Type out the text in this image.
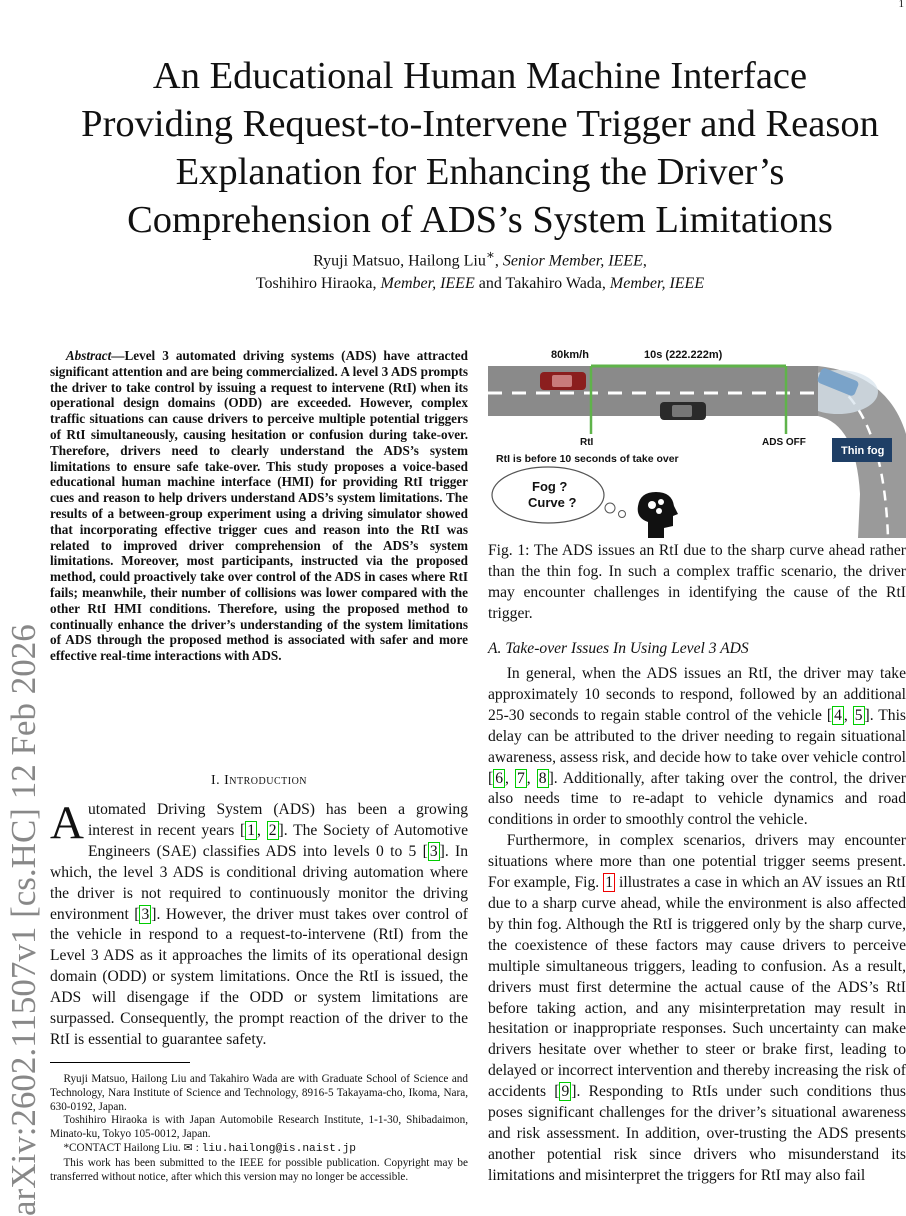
1
arXiv:2602.11507v1 [cs.HC] 12 Feb 2026
An Educational Human Machine Interface
Providing Request-to-Intervene Trigger and Reason
Explanation for Enhancing the Driver’s
Comprehension of ADS’s System Limitations
Ryuji Matsuo, Hailong Liu∗, Senior Member, IEEE,
Toshihiro Hiraoka, Member, IEEE and Takahiro Wada, Member, IEEE
Abstract—Level 3 automated driving systems (ADS) have attracted significant attention and are being commercialized. A level 3 ADS prompts the driver to take control by issuing a request to intervene (RtI) when its operational design domains (ODD) are exceeded. However, complex traffic situations can cause drivers to perceive multiple potential triggers of RtI simultaneously, causing hesitation or confusion during take-over. Therefore, drivers need to clearly understand the ADS’s system limitations to ensure safe take-over. This study proposes a voice-based educational human machine interface (HMI) for providing RtI trigger cues and reason to help drivers understand ADS’s system limitations. The results of a between-group experiment using a driving simulator showed that incorporating effective trigger cues and reason into the RtI was related to improved driver comprehension of the ADS’s system limitations. Moreover, most participants, instructed via the proposed method, could proactively take over control of the ADS in cases where RtI fails; meanwhile, their number of collisions was lower compared with the other RtI HMI conditions. Therefore, using the proposed method to continually enhance the driver’s understanding of the system limitations of ADS through the proposed method is associated with safer and more effective real-time interactions with ADS.
I. Introduction
Automated Driving System (ADS) has been a growing interest in recent years [ 1 , 2 ]. The Society of Automotive Engineers (SAE) classifies ADS into levels 0 to 5 [ 3 ]. In which, the level 3 ADS is conditional driving automation where the driver is not required to continuously monitor the driving environment [ 3 ]. However, the driver must takes over control of the vehicle in respond to a request-to-intervene (RtI) from the Level 3 ADS as it approaches the limits of its operational design domain (ODD) or system limitations. Once the RtI is issued, the ADS will disengage if the ODD or system limitations are surpassed. Consequently, the prompt reaction of the driver to the RtI is essential to guarantee safety.

Ryuji Matsuo, Hailong Liu and Takahiro Wada are with Graduate School of Science and Technology, Nara Institute of Science and Technology, 8916-5 Takayama-cho, Ikoma, Nara, 630-0192, Japan.

Toshihiro Hiraoka is with Japan Automobile Research Institute, 1-1-30, Shibadaimon, Minato-ku, Tokyo 105-0012, Japan.

*CONTACT Hailong Liu. ✉ : liu.hailong@is.naist.jp

This work has been submitted to the IEEE for possible publication. Copyright may be transferred without notice, after which this version may no longer be accessible.

80km/h	10s (222.222m)
RtI	ADS OFF
RtI is before 10 seconds of take over
Thin fog
Fog ?
Curve ?
Fig. 1: The ADS issues an RtI due to the sharp curve ahead rather than the thin fog. In such a complex traffic scenario, the driver may encounter challenges in identifying the cause of the RtI trigger.
A. Take-over Issues In Using Level 3 ADS

In general, when the ADS issues an RtI, the driver may take approximately 10 seconds to respond, followed by an additional 25-30 seconds to regain stable control of the vehicle [ 4 , 5 ]. This delay can be attributed to the driver needing to regain situational awareness, assess risk, and decide how to take over vehicle control [ 6 , 7 , 8 ]. Additionally, after taking over the control, the driver also needs time to re-adapt to vehicle dynamics and road conditions in order to smoothly control the vehicle.

Furthermore, in complex scenarios, drivers may encounter situations where more than one potential trigger seems present. For example, Fig. 1 illustrates a case in which an AV issues an RtI due to a sharp curve ahead, while the environment is also affected by thin fog. Although the RtI is triggered only by the sharp curve, the coexistence of these factors may cause drivers to perceive multiple simultaneous triggers, leading to confusion. As a result, drivers must first determine the actual cause of the ADS’s RtI before taking action, and any misinterpretation may result in hesitation or inappropriate responses. Such uncertainty can make drivers hesitate over whether to steer or brake first, leading to delayed or incorrect intervention and thereby increasing the risk of accidents [ 9 ]. Responding to RtIs under such conditions thus poses significant challenges for the driver’s situational awareness and risk assessment. In addition, over-trusting the ADS presents another potential risk since drivers who misunderstand its limitations and misinterpret the triggers for RtI may also fail
